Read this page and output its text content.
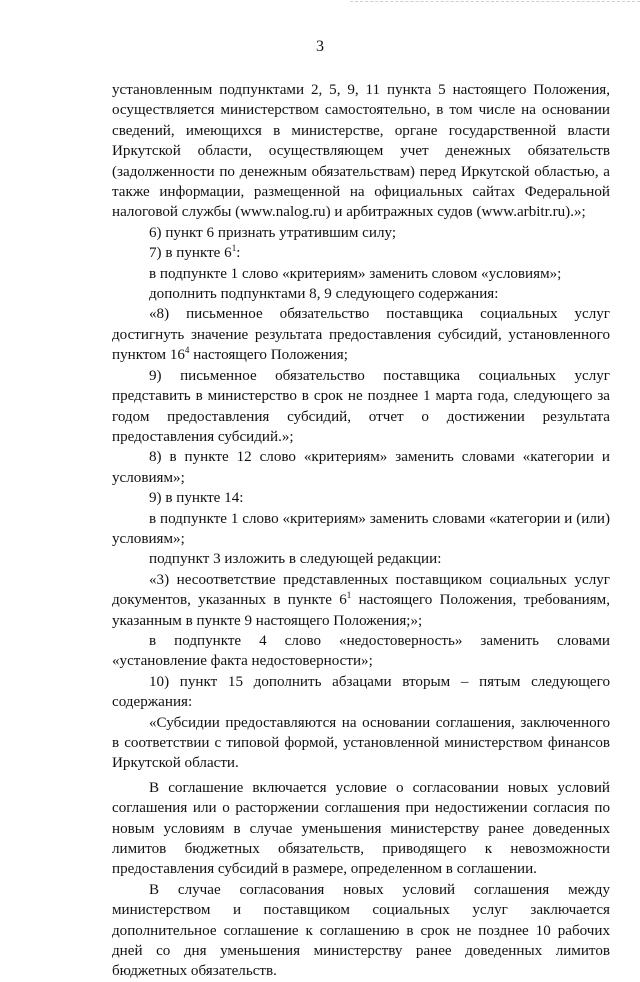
3

установленным подпунктами 2, 5, 9, 11 пункта 5 настоящего Положения, осуществляется министерством самостоятельно, в том числе на основании сведений, имеющихся в министерстве, органе государственной власти Иркутской области, осуществляющем учет денежных обязательств (задолженности по денежным обязательствам) перед Иркутской областью, а также информации, размещенной на официальных сайтах Федеральной налоговой службы (www.nalog.ru) и арбитражных судов (www.arbitr.ru).»;

6) пункт 6 признать утратившим силу;

7) в пункте $6^1$:

в подпункте 1 слово «критериям» заменить словом «условиям»;

дополнить подпунктами 8, 9 следующего содержания:

«8) письменное обязательство поставщика социальных услуг достигнуть значение результата предоставления субсидий, установленного пунктом $16^4$ настоящего Положения;

9) письменное обязательство поставщика социальных услуг представить в министерство в срок не позднее 1 марта года, следующего за годом предоставления субсидий, отчет о достижении результата предоставления субсидий.»;

8) в пункте 12 слово «критериям» заменить словами «категории и условиям»;

9) в пункте 14:

в подпункте 1 слово «критериям» заменить словами «категории и (или) условиям»;

подпункт 3 изложить в следующей редакции:

«3) несоответствие представленных поставщиком социальных услуг документов, указанных в пункте $6^1$ настоящего Положения, требованиям, указанным в пункте 9 настоящего Положения;»;

в подпункте 4 слово «недостоверность» заменить словами «установление факта недостоверности»;

10) пункт 15 дополнить абзацами вторым – пятым следующего содержания:

«Субсидии предоставляются на основании соглашения, заключенного в соответствии с типовой формой, установленной министерством финансов Иркутской области.

В соглашение включается условие о согласовании новых условий соглашения или о расторжении соглашения при недостижении согласия по новым условиям в случае уменьшения министерству ранее доведенных лимитов бюджетных обязательств, приводящего к невозможности предоставления субсидий в размере, определенном в соглашении.

В случае согласования новых условий соглашения между министерством и поставщиком социальных услуг заключается дополнительное соглашение к соглашению в срок не позднее 10 рабочих дней со дня уменьшения министерству ранее доведенных лимитов бюджетных обязательств.
